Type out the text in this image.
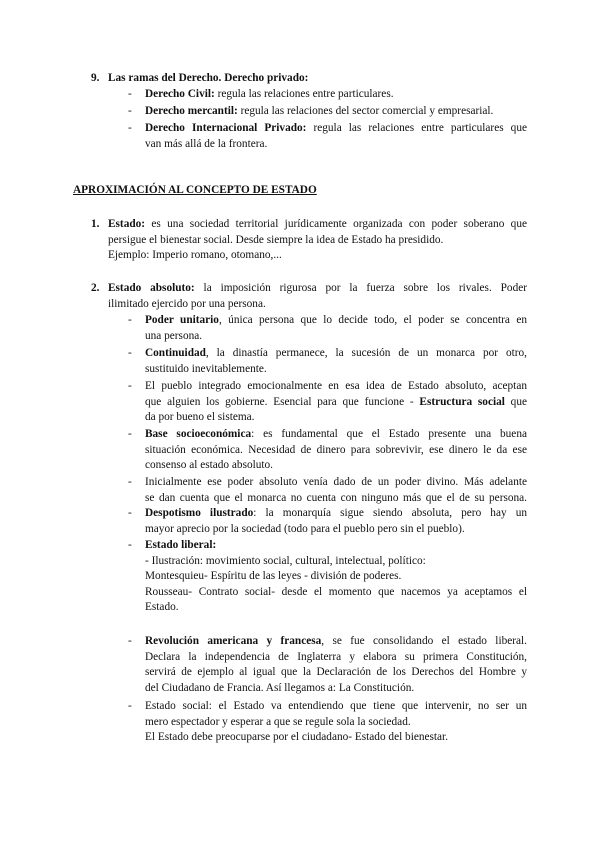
9. Las ramas del Derecho. Derecho privado:
- Derecho Civil: regula las relaciones entre particulares.
- Derecho mercantil: regula las relaciones del sector comercial y empresarial.
- Derecho Internacional Privado: regula las relaciones entre particulares que
van más allá de la frontera.
APROXIMACIÓN AL CONCEPTO DE ESTADO
1. Estado: es una sociedad territorial jurídicamente organizada con poder soberano que
persigue el bienestar social. Desde siempre la idea de Estado ha presidido.
Ejemplo: Imperio romano, otomano,...
2. Estado absoluto: la imposición rigurosa por la fuerza sobre los rivales. Poder
ilimitado ejercido por una persona.
- Poder unitario, única persona que lo decide todo, el poder se concentra en
una persona.
- Continuidad, la dinastía permanece, la sucesión de un monarca por otro,
sustituido inevitablemente.
- El pueblo integrado emocionalmente en esa idea de Estado absoluto, aceptan
que alguien los gobierne. Esencial para que funcione - Estructura social que
da por bueno el sistema.
- Base socioeconómica: es fundamental que el Estado presente una buena
situación económica. Necesidad de dinero para sobrevivir, ese dinero le da ese
consenso al estado absoluto.
- Inicialmente ese poder absoluto venía dado de un poder divino. Más adelante
se dan cuenta que el monarca no cuenta con ninguno más que el de su persona.
- Despotismo ilustrado: la monarquía sigue siendo absoluta, pero hay un
mayor aprecio por la sociedad (todo para el pueblo pero sin el pueblo).
- Estado liberal:
- Ilustración: movimiento social, cultural, intelectual, político:
Montesquieu- Espíritu de las leyes - división de poderes.
Rousseau- Contrato social- desde el momento que nacemos ya aceptamos el
Estado.
- Revolución americana y francesa, se fue consolidando el estado liberal.
Declara la independencia de Inglaterra y elabora su primera Constitución,
servirá de ejemplo al igual que la Declaración de los Derechos del Hombre y
del Ciudadano de Francia. Así llegamos a: La Constitución.
- Estado social: el Estado va entendiendo que tiene que intervenir, no ser un
mero espectador y esperar a que se regule sola la sociedad.
El Estado debe preocuparse por el ciudadano- Estado del bienestar.
